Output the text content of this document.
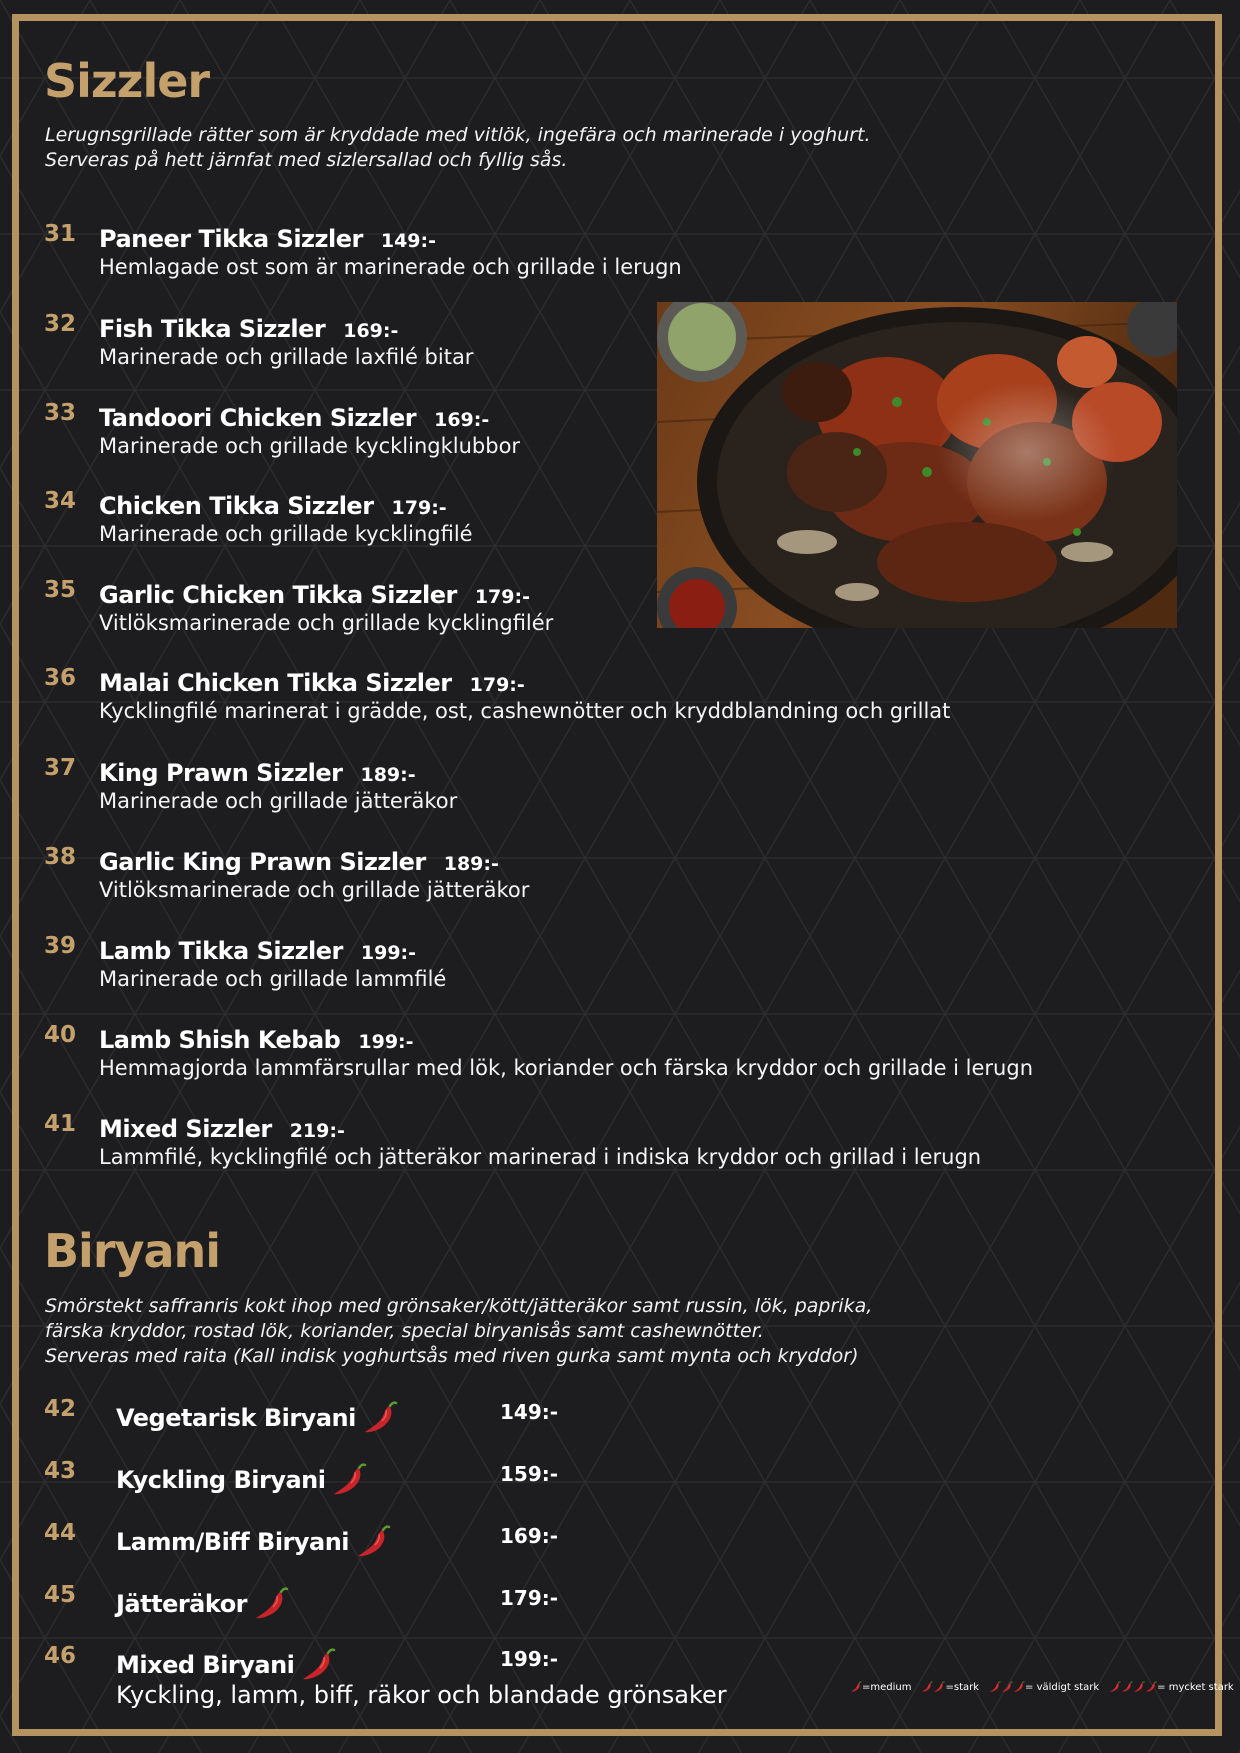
Sizzler

Lerugnsgrillade rätter som är kryddade med vitlök, ingefära och marinerade i yoghurt.
Serveras på hett järnfat med sizlersallad och fyllig sås.

31 Paneer Tikka Sizzler 149:-
Hemlagade ost som är marinerade och grillade i lerugn
32 Fish Tikka Sizzler 169:-
Marinerade och grillade laxfilé bitar
33 Tandoori Chicken Sizzler 169:-
Marinerade och grillade kycklingklubbor
34 Chicken Tikka Sizzler 179:-
Marinerade och grillade kycklingfilé
35 Garlic Chicken Tikka Sizzler 179:-
Vitlöksmarinerade och grillade kycklingfilér
36 Malai Chicken Tikka Sizzler 179:-
Kycklingfilé marinerat i grädde, ost, cashewnötter och kryddblandning och grillat
37 King Prawn Sizzler 189:-
Marinerade och grillade jätteräkor
38 Garlic King Prawn Sizzler 189:-
Vitlöksmarinerade och grillade jätteräkor
39 Lamb Tikka Sizzler 199:-
Marinerade och grillade lammfilé
40 Lamb Shish Kebab 199:-
Hemmagjorda lammfärsrullar med lök, koriander och färska kryddor och grillade i lerugn
41 Mixed Sizzler 219:-
Lammfilé, kycklingfilé och jätteräkor marinerad i indiska kryddor och grillad i lerugn
Biryani

Smörstekt saffranris kokt ihop med grönsaker/kött/jätteräkor samt russin, lök, paprika,
färska kryddor, rostad lök, koriander, special biryanisås samt cashewnötter.
Serveras med raita (Kall indisk yoghurtsås med riven gurka samt mynta och kryddor)

42 Vegetarisk Biryani	149:-
43 Kyckling Biryani	159:-
44 Lamm/Biff Biryani	169:-
45 Jätteräkor	179:-
46 Mixed Biryani	199:-
Kyckling, lamm, biff, räkor och blandade grönsaker	=medium	=stark	= väldigt stark	= mycket stark
